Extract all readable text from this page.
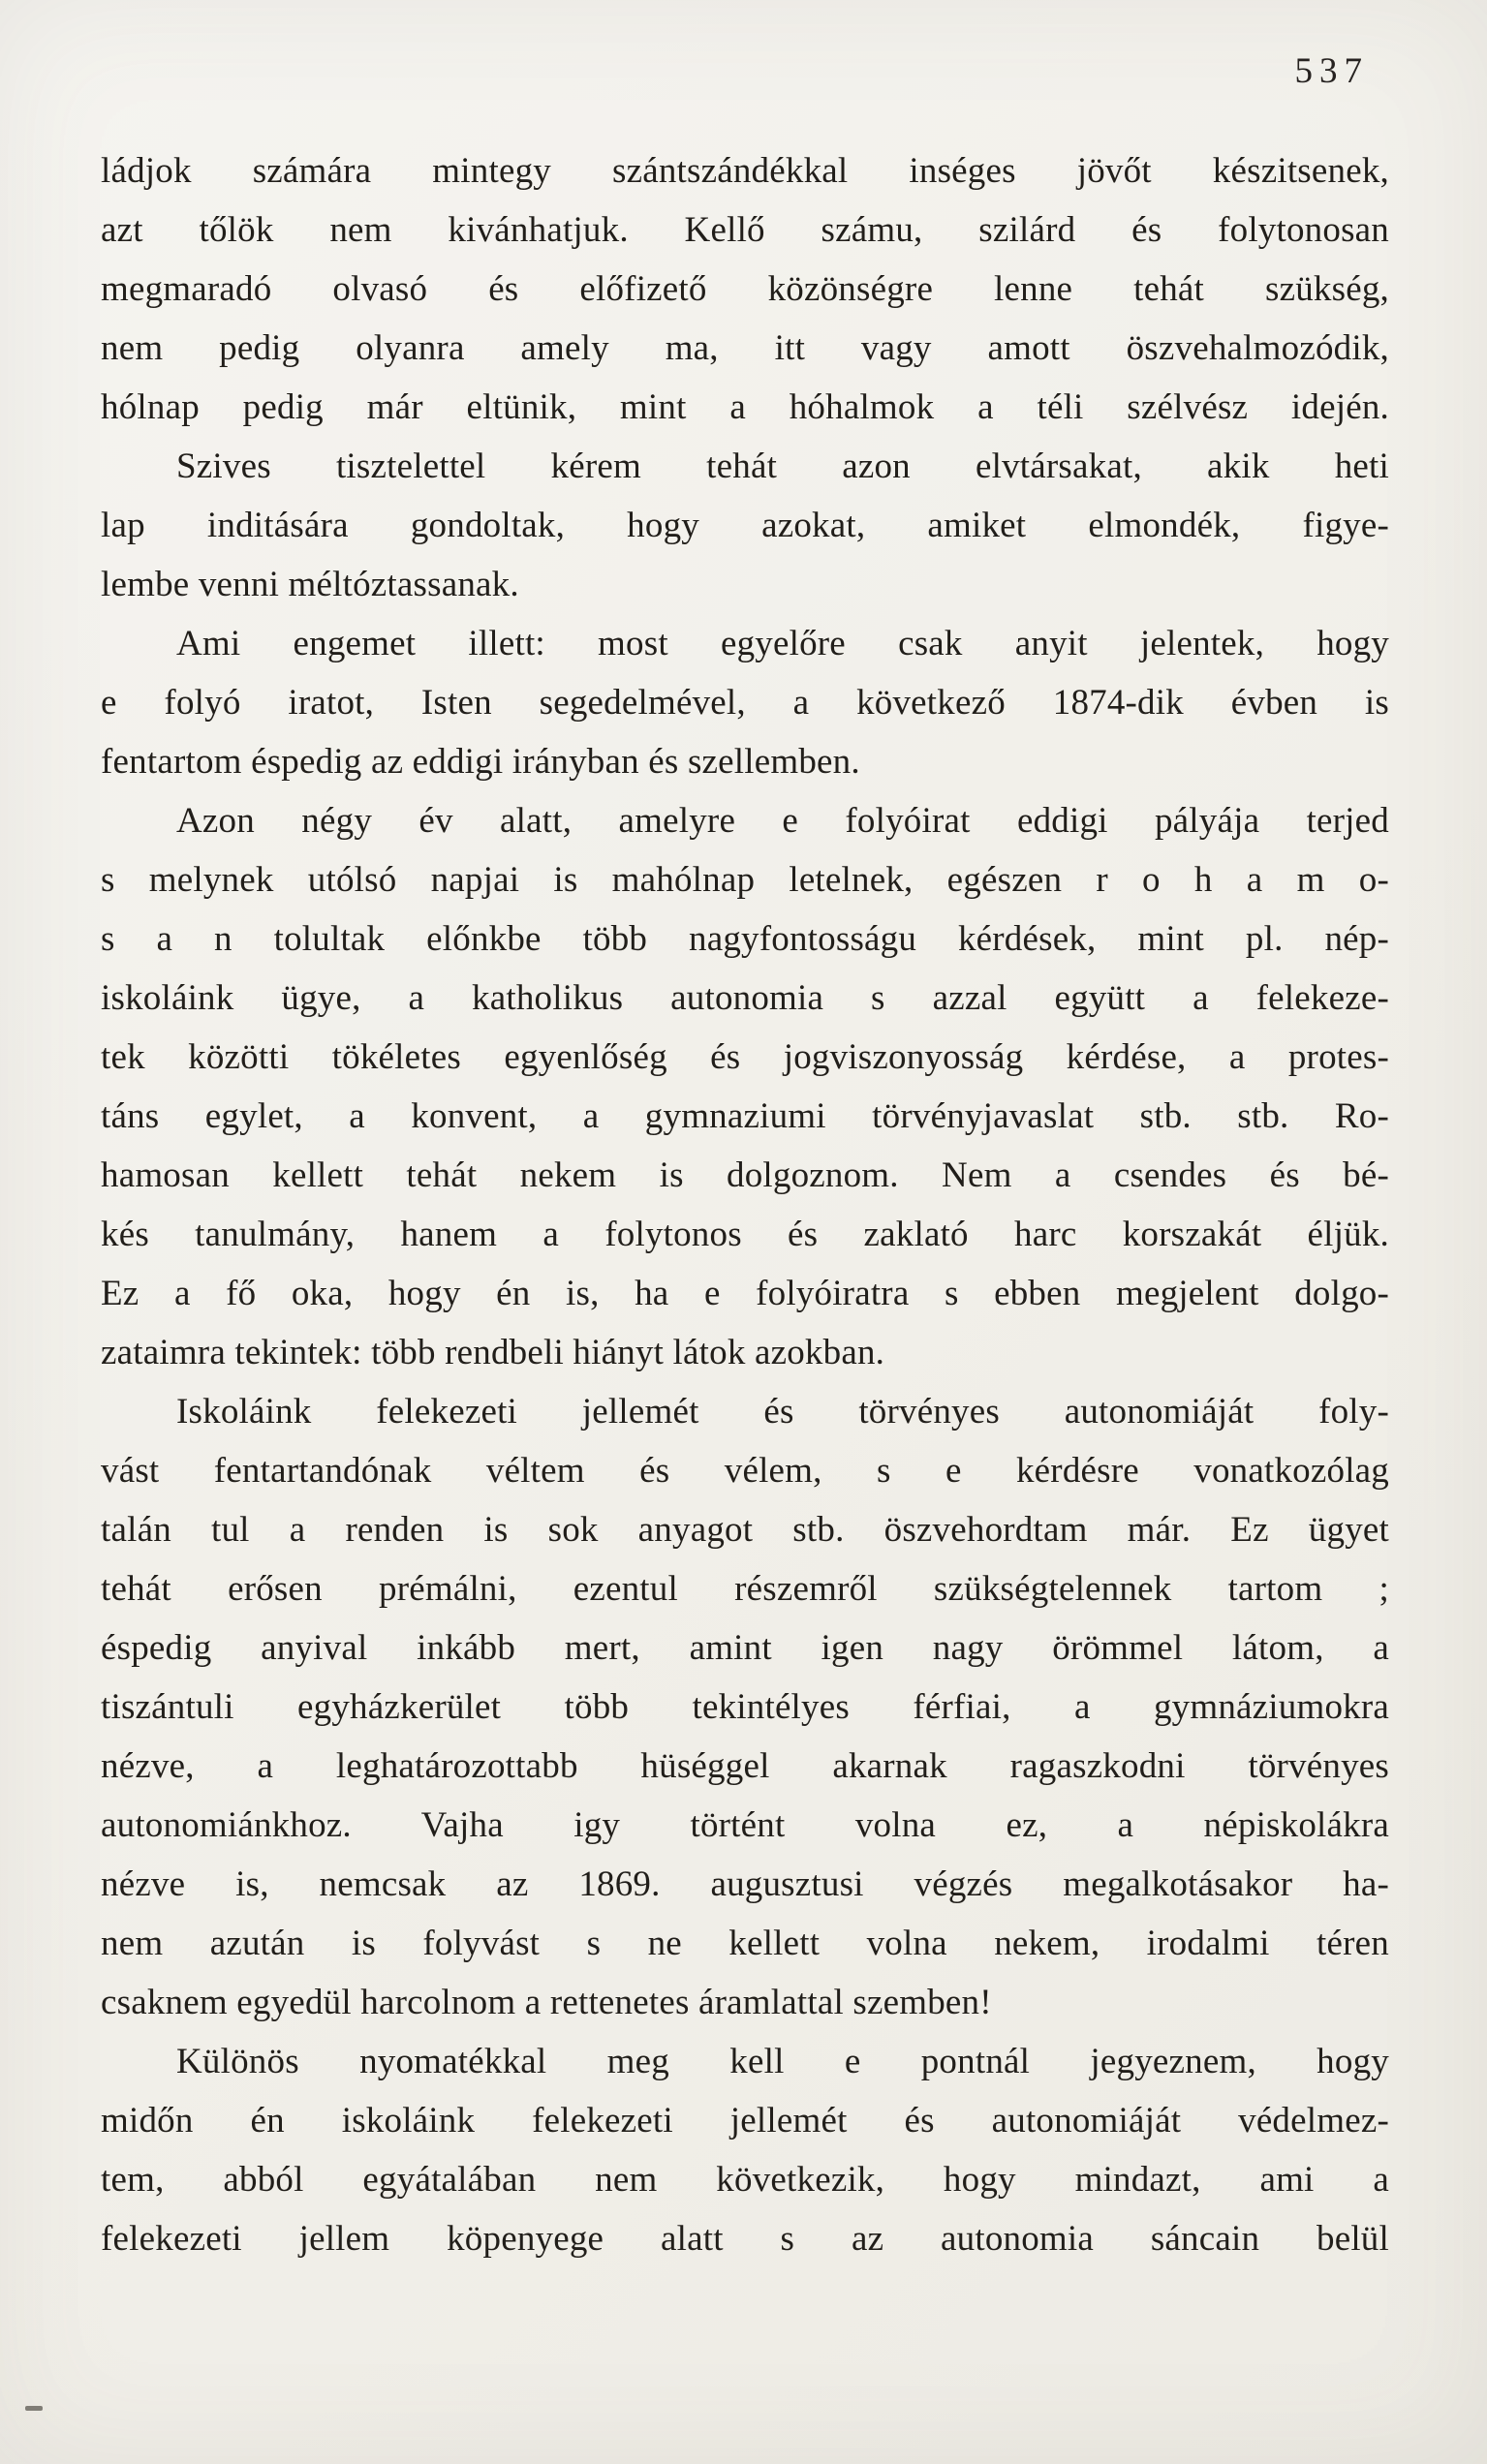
537
ládjok számára mintegy szántszándékkal inséges jövőt készitsenek,
azt tőlök nem kivánhatjuk. Kellő számu, szilárd és folytonosan
megmaradó olvasó és előfizető közönségre lenne tehát szükség,
nem pedig olyanra amely ma, itt vagy amott öszvehalmozódik,
hólnap pedig már eltünik, mint a hóhalmok a téli szélvész idején.
Szives tisztelettel kérem tehát azon elvtársakat, akik heti
lap inditására gondoltak, hogy azokat, amiket elmondék, figye-
lembe venni méltóztassanak.
Ami engemet illett: most egyelőre csak anyit jelentek, hogy
e folyó iratot, Isten segedelmével, a következő 1874-dik évben is
fentartom éspedig az eddigi irányban és szellemben.
Azon négy év alatt, amelyre e folyóirat eddigi pályája terjed
s melynek utólsó napjai is mahólnap letelnek, egészen r o h a m o-
s a n tolultak előnkbe több nagyfontosságu kérdések, mint pl. nép-
iskoláink ügye, a katholikus autonomia s azzal együtt a felekeze-
tek közötti tökéletes egyenlőség és jogviszonyosság kérdése, a protes-
táns egylet, a konvent, a gymnaziumi törvényjavaslat stb. stb. Ro-
hamosan kellett tehát nekem is dolgoznom. Nem a csendes és bé-
kés tanulmány, hanem a folytonos és zaklató harc korszakát éljük.
Ez a fő oka, hogy én is, ha e folyóiratra s ebben megjelent dolgo-
zataimra tekintek: több rendbeli hiányt látok azokban.
Iskoláink felekezeti jellemét és törvényes autonomiáját foly-
vást fentartandónak véltem és vélem, s e kérdésre vonatkozólag
talán tul a renden is sok anyagot stb. öszvehordtam már. Ez ügyet
tehát erősen prémálni, ezentul részemről szükségtelennek tartom ;
éspedig anyival inkább mert, amint igen nagy örömmel látom, a
tiszántuli egyházkerület több tekintélyes férfiai, a gymnáziumokra
nézve, a leghatározottabb hüséggel akarnak ragaszkodni törvényes
autonomiánkhoz. Vajha igy történt volna ez, a népiskolákra
nézve is, nemcsak az 1869. augusztusi végzés megalkotásakor ha-
nem azután is folyvást s ne kellett volna nekem, irodalmi téren
csaknem egyedül harcolnom a rettenetes áramlattal szemben!
Különös nyomatékkal meg kell e pontnál jegyeznem, hogy
midőn én iskoláink felekezeti jellemét és autonomiáját védelmez-
tem, abból egyátalában nem következik, hogy mindazt, ami a
felekezeti jellem köpenyege alatt s az autonomia sáncain belül
